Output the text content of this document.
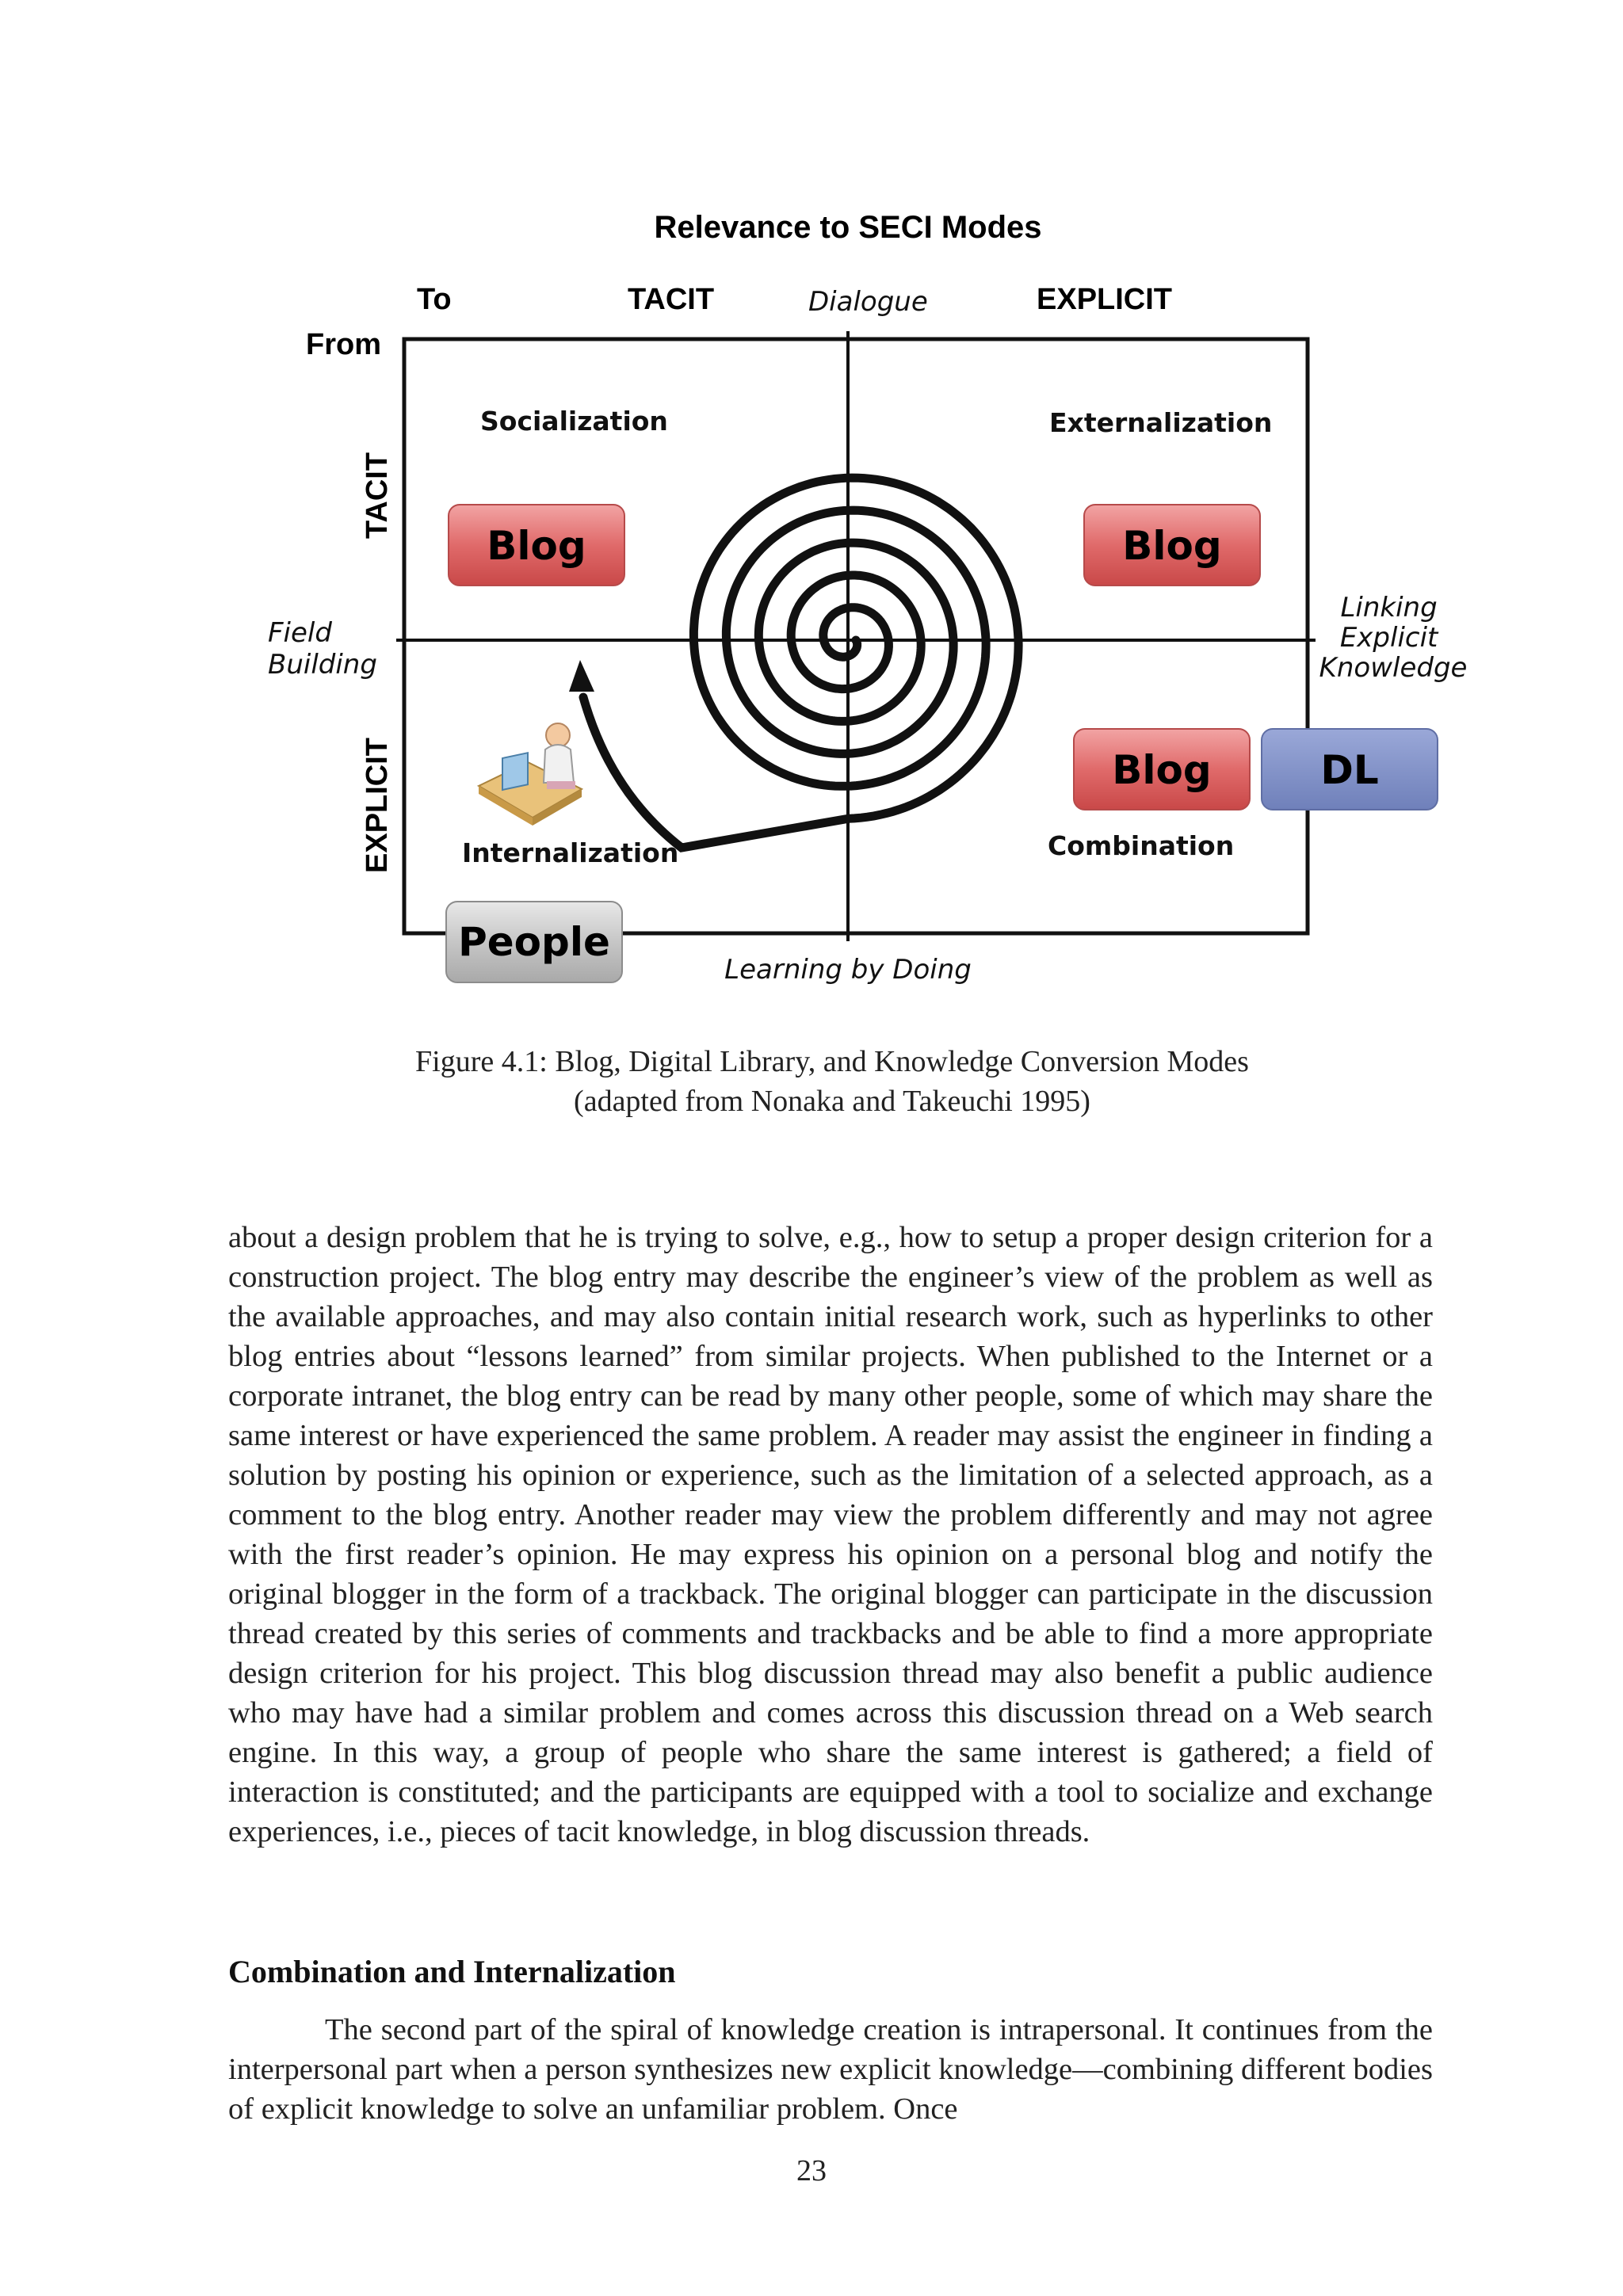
Relevance to SECI Modes
To	TACIT	Dialogue	EXPLICIT
From
TACIT
EXPLICIT
Field Building
Linking Explicit Knowledge
Learning by Doing
Socialization	Externalization
Internalization	Combination
Blog	Blog
Blog	DL
People
Figure 4.1: Blog, Digital Library, and Knowledge Conversion Modes
(adapted from Nonaka and Takeuchi 1995)

about a design problem that he is trying to solve, e.g., how to setup a proper design criterion for a construction project. The blog entry may describe the engineer’s view of the problem as well as the available approaches, and may also contain initial research work, such as hyperlinks to other blog entries about “lessons learned” from similar projects. When published to the Internet or a corporate intranet, the blog entry can be read by many other people, some of which may share the same interest or have experienced the same problem. A reader may assist the engineer in finding a solution by posting his opinion or experience, such as the limitation of a selected approach, as a comment to the blog entry. Another reader may view the problem differently and may not agree with the first reader’s opinion. He may express his opinion on a personal blog and notify the original blogger in the form of a trackback. The original blogger can participate in the discussion thread created by this series of comments and trackbacks and be able to find a more appropriate design criterion for his project. This blog discussion thread may also benefit a public audience who may have had a similar problem and comes across this discussion thread on a Web search engine. In this way, a group of people who share the same interest is gathered; a field of interaction is constituted; and the participants are equipped with a tool to socialize and exchange experiences, i.e., pieces of tacit knowledge, in blog discussion threads.

Combination and Internalization

The second part of the spiral of knowledge creation is intrapersonal. It continues from the interpersonal part when a person synthesizes new explicit knowledge—combining different bodies of explicit knowledge to solve an unfamiliar problem. Once

23
